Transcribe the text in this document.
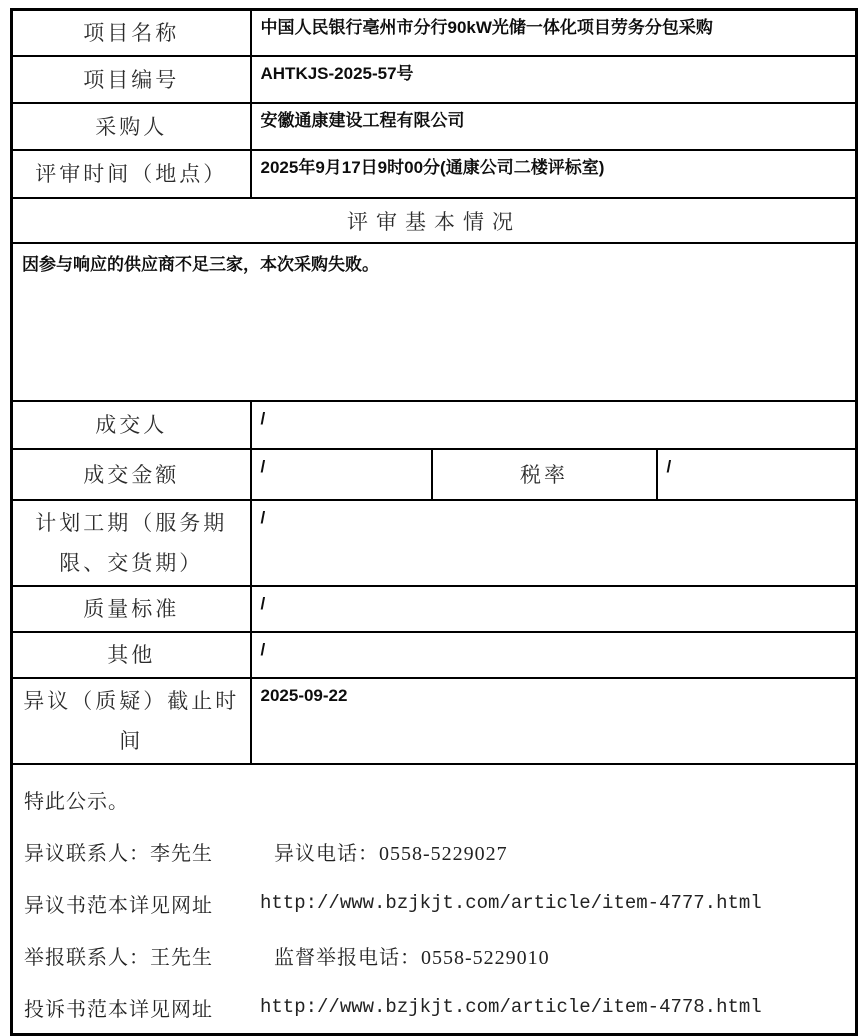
项目名称	中国人民银行亳州市分行90kW光储一体化项目劳务分包采购		
项目编号	AHTKJS-2025-57号		
采购人	安徽通康建设工程有限公司		
评审时间（地点）	2025年9月17日9时00分(通康公司二楼评标室)		
评审基本情况			
因参与响应的供应商不足三家，本次采购失败。			
成交人	/		
成交金额	/	税率	/
计划工期（服务期限、交货期）	/		
质量标准	/		
其他	/		
异议（质疑）截止时间	2025-09-22		

特此公示。
异议联系人：李先生	异议电话：0558-5229027
异议书范本详见网址	http://www.bzjkjt.com/article/item-4777.html
举报联系人：王先生	监督举报电话：0558-5229010
投诉书范本详见网址	http://www.bzjkjt.com/article/item-4778.html
